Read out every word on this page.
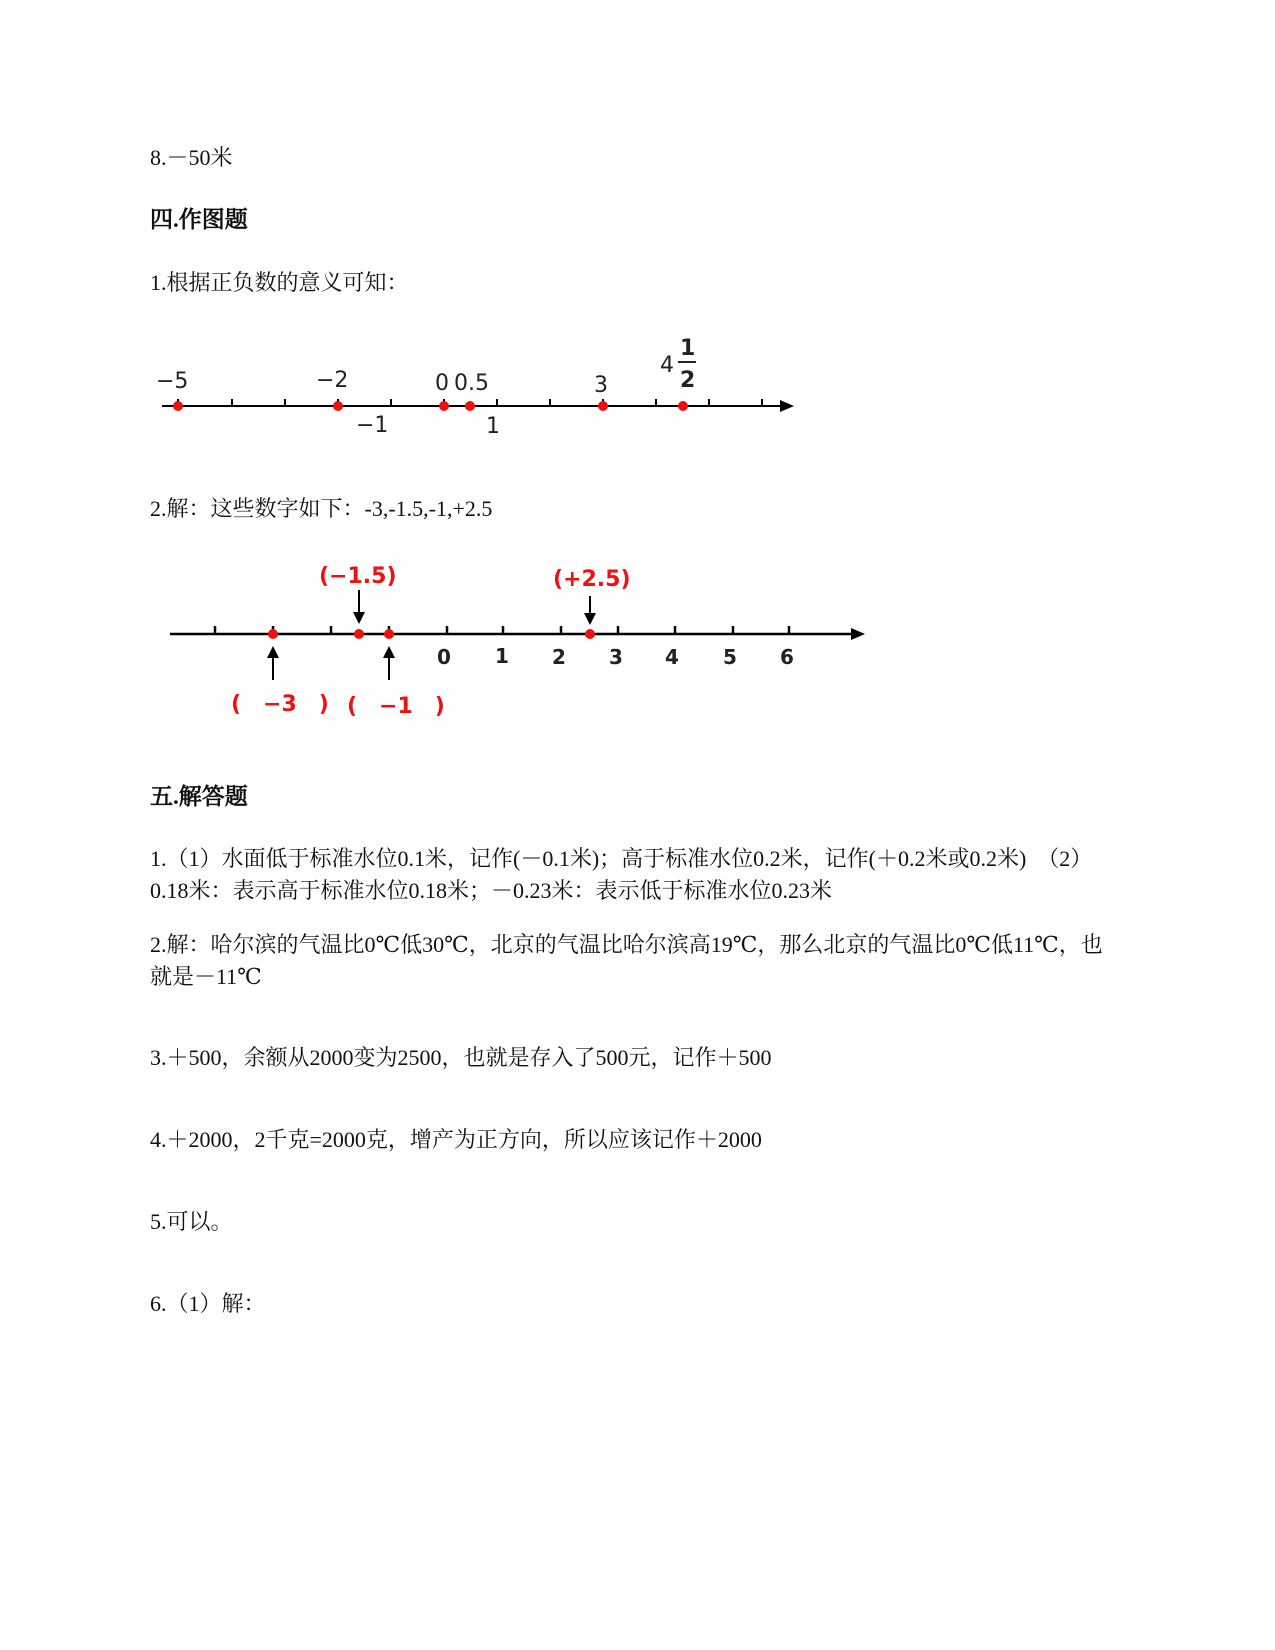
8.－50米
四.作图题
1.根据正负数的意义可知：
−5	−2	0 0.5	3
−1	1
4
1
2
2.解：这些数字如下：-3,-1.5,-1,+2.5
0 1 2 3 4 5 6
(−1.5)	(+2.5)
(　−3　) (　−1　)
五.解答题
1.（1）水面低于标准水位0.1米，记作(－0.1米)；高于标准水位0.2米，记作(＋0.2米或0.2米)　（2）0.18米：表示高于标准水位0.18米；－0.23米：表示低于标准水位0.23米
2.解：哈尔滨的气温比0℃低30℃，北京的气温比哈尔滨高19℃，那么北京的气温比0℃低11℃，也就是－11℃
3.＋500，余额从2000变为2500，也就是存入了500元，记作＋500
4.＋2000，2千克=2000克，增产为正方向，所以应该记作＋2000
5.可以。
6.（1）解：
